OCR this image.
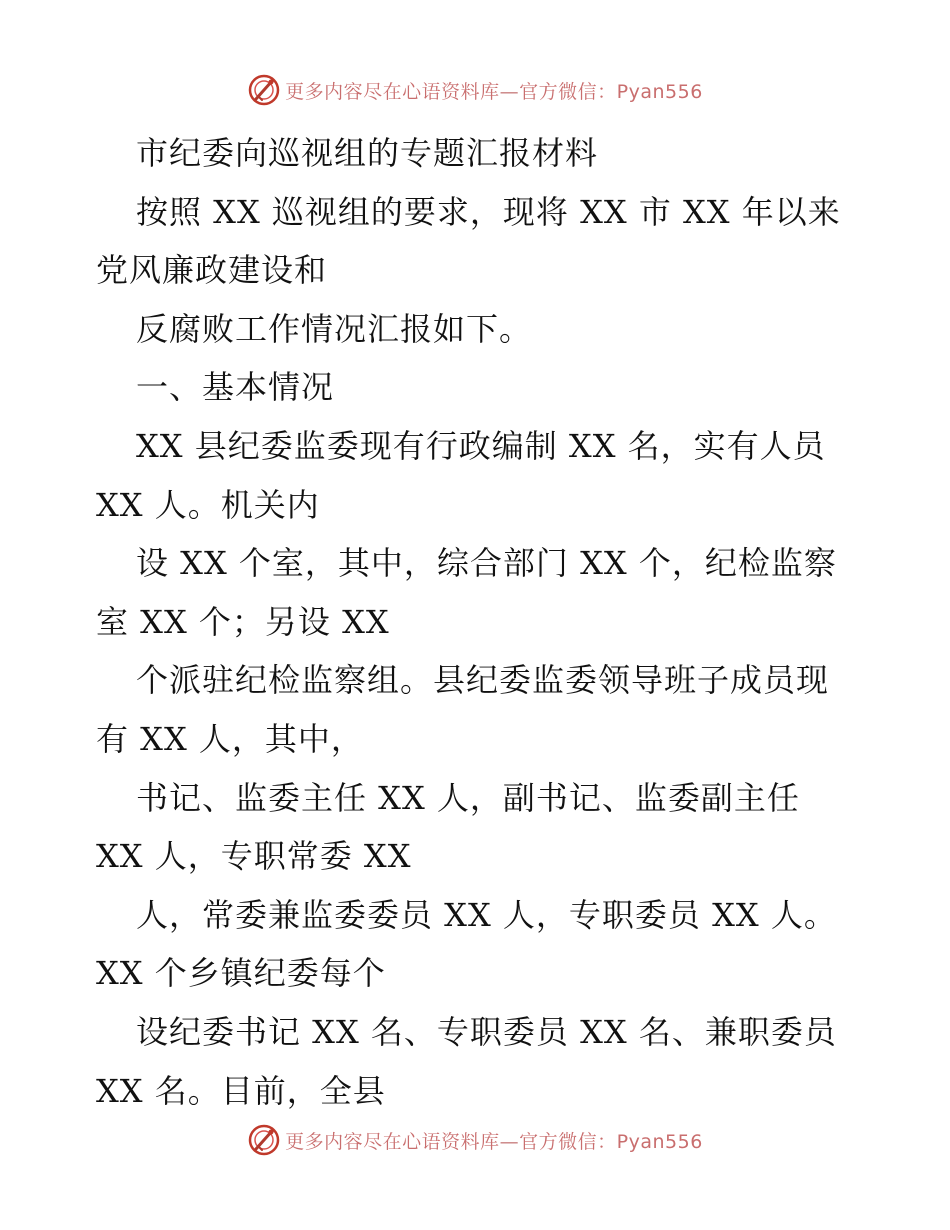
更多内容尽在心语资料库—官方微信：Pyan556
市纪委向巡视组的专题汇报材料
按照 XX 巡视组的要求，现将 XX 市 XX 年以来
党风廉政建设和
反腐败工作情况汇报如下。
一、基本情况
XX 县纪委监委现有行政编制 XX 名，实有人员
XX 人。机关内
设 XX 个室，其中，综合部门 XX 个，纪检监察
室 XX 个；另设 XX
个派驻纪检监察组。县纪委监委领导班子成员现
有 XX 人，其中，
书记、监委主任 XX 人，副书记、监委副主任
XX 人，专职常委 XX
人，常委兼监委委员 XX 人，专职委员 XX 人。
XX 个乡镇纪委每个
设纪委书记 XX 名、专职委员 XX 名、兼职委员
XX 名。目前，全县
更多内容尽在心语资料库—官方微信：Pyan556
